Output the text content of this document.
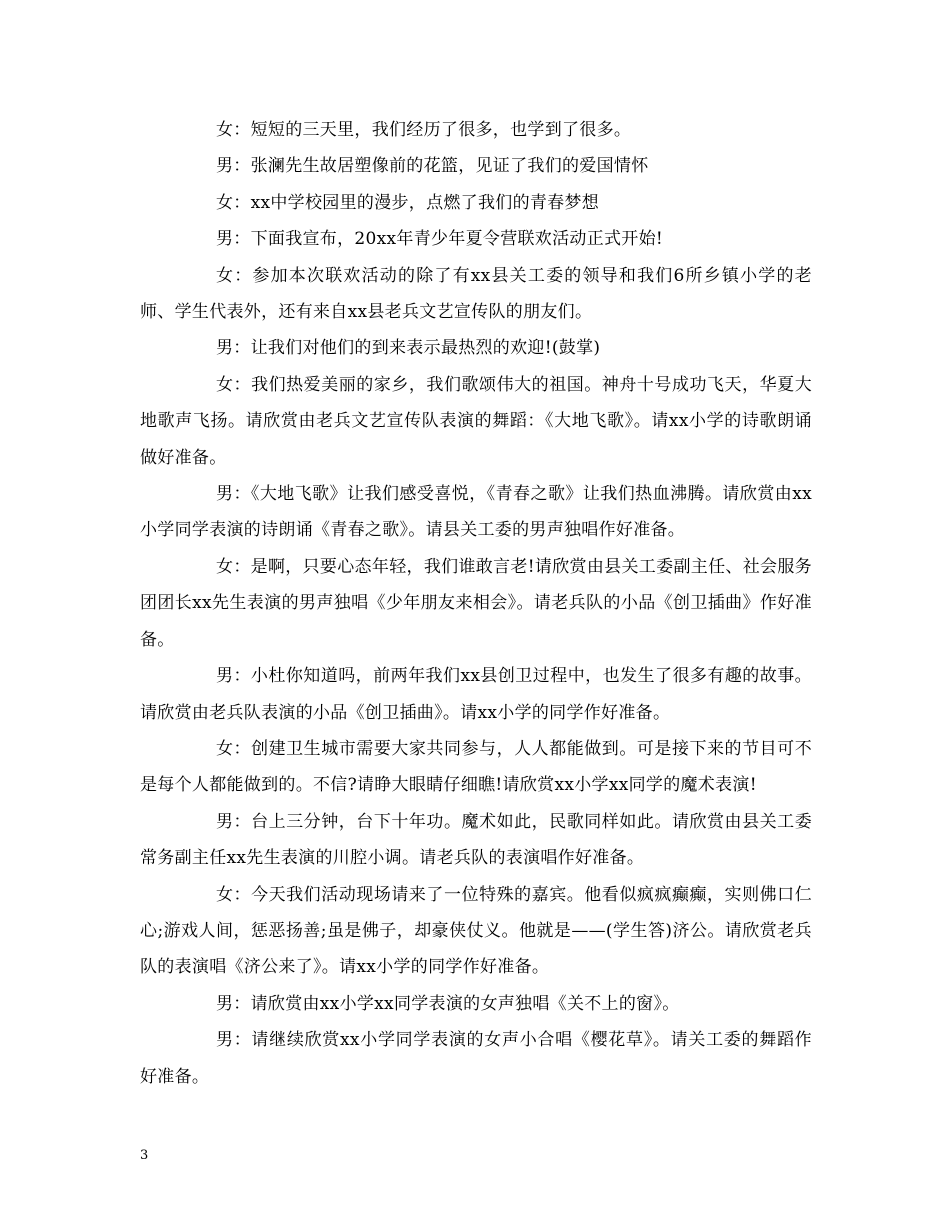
女：短短的三天里，我们经历了很多，也学到了很多。

男：张澜先生故居塑像前的花篮，见证了我们的爱国情怀

女：xx中学校园里的漫步，点燃了我们的青春梦想

男：下面我宣布，20xx年青少年夏令营联欢活动正式开始!

女：参加本次联欢活动的除了有xx县关工委的领导和我们6所乡镇小学的老师、学生代表外，还有来自xx县老兵文艺宣传队的朋友们。

男：让我们对他们的到来表示最热烈的欢迎!(鼓掌)

女：我们热爱美丽的家乡，我们歌颂伟大的祖国。神舟十号成功飞天，华夏大地歌声飞扬。请欣赏由老兵文艺宣传队表演的舞蹈：《大地飞歌》。请xx小学的诗歌朗诵做好准备。

男：《大地飞歌》让我们感受喜悦，《青春之歌》让我们热血沸腾。请欣赏由xx小学同学表演的诗朗诵《青春之歌》。请县关工委的男声独唱作好准备。

女：是啊，只要心态年轻，我们谁敢言老!请欣赏由县关工委副主任、社会服务团团长xx先生表演的男声独唱《少年朋友来相会》。请老兵队的小品《创卫插曲》作好准备。

男：小杜你知道吗，前两年我们xx县创卫过程中，也发生了很多有趣的故事。请欣赏由老兵队表演的小品《创卫插曲》。请xx小学的同学作好准备。

女：创建卫生城市需要大家共同参与，人人都能做到。可是接下来的节目可不是每个人都能做到的。不信?请睁大眼睛仔细瞧!请欣赏xx小学xx同学的魔术表演!

男：台上三分钟，台下十年功。魔术如此，民歌同样如此。请欣赏由县关工委常务副主任xx先生表演的川腔小调。请老兵队的表演唱作好准备。

女：今天我们活动现场请来了一位特殊的嘉宾。他看似疯疯癫癫，实则佛口仁心;游戏人间，惩恶扬善;虽是佛子，却豪侠仗义。他就是——(学生答)济公。请欣赏老兵队的表演唱《济公来了》。请xx小学的同学作好准备。

男：请欣赏由xx小学xx同学表演的女声独唱《关不上的窗》。

男：请继续欣赏xx小学同学表演的女声小合唱《樱花草》。请关工委的舞蹈作好准备。

3
